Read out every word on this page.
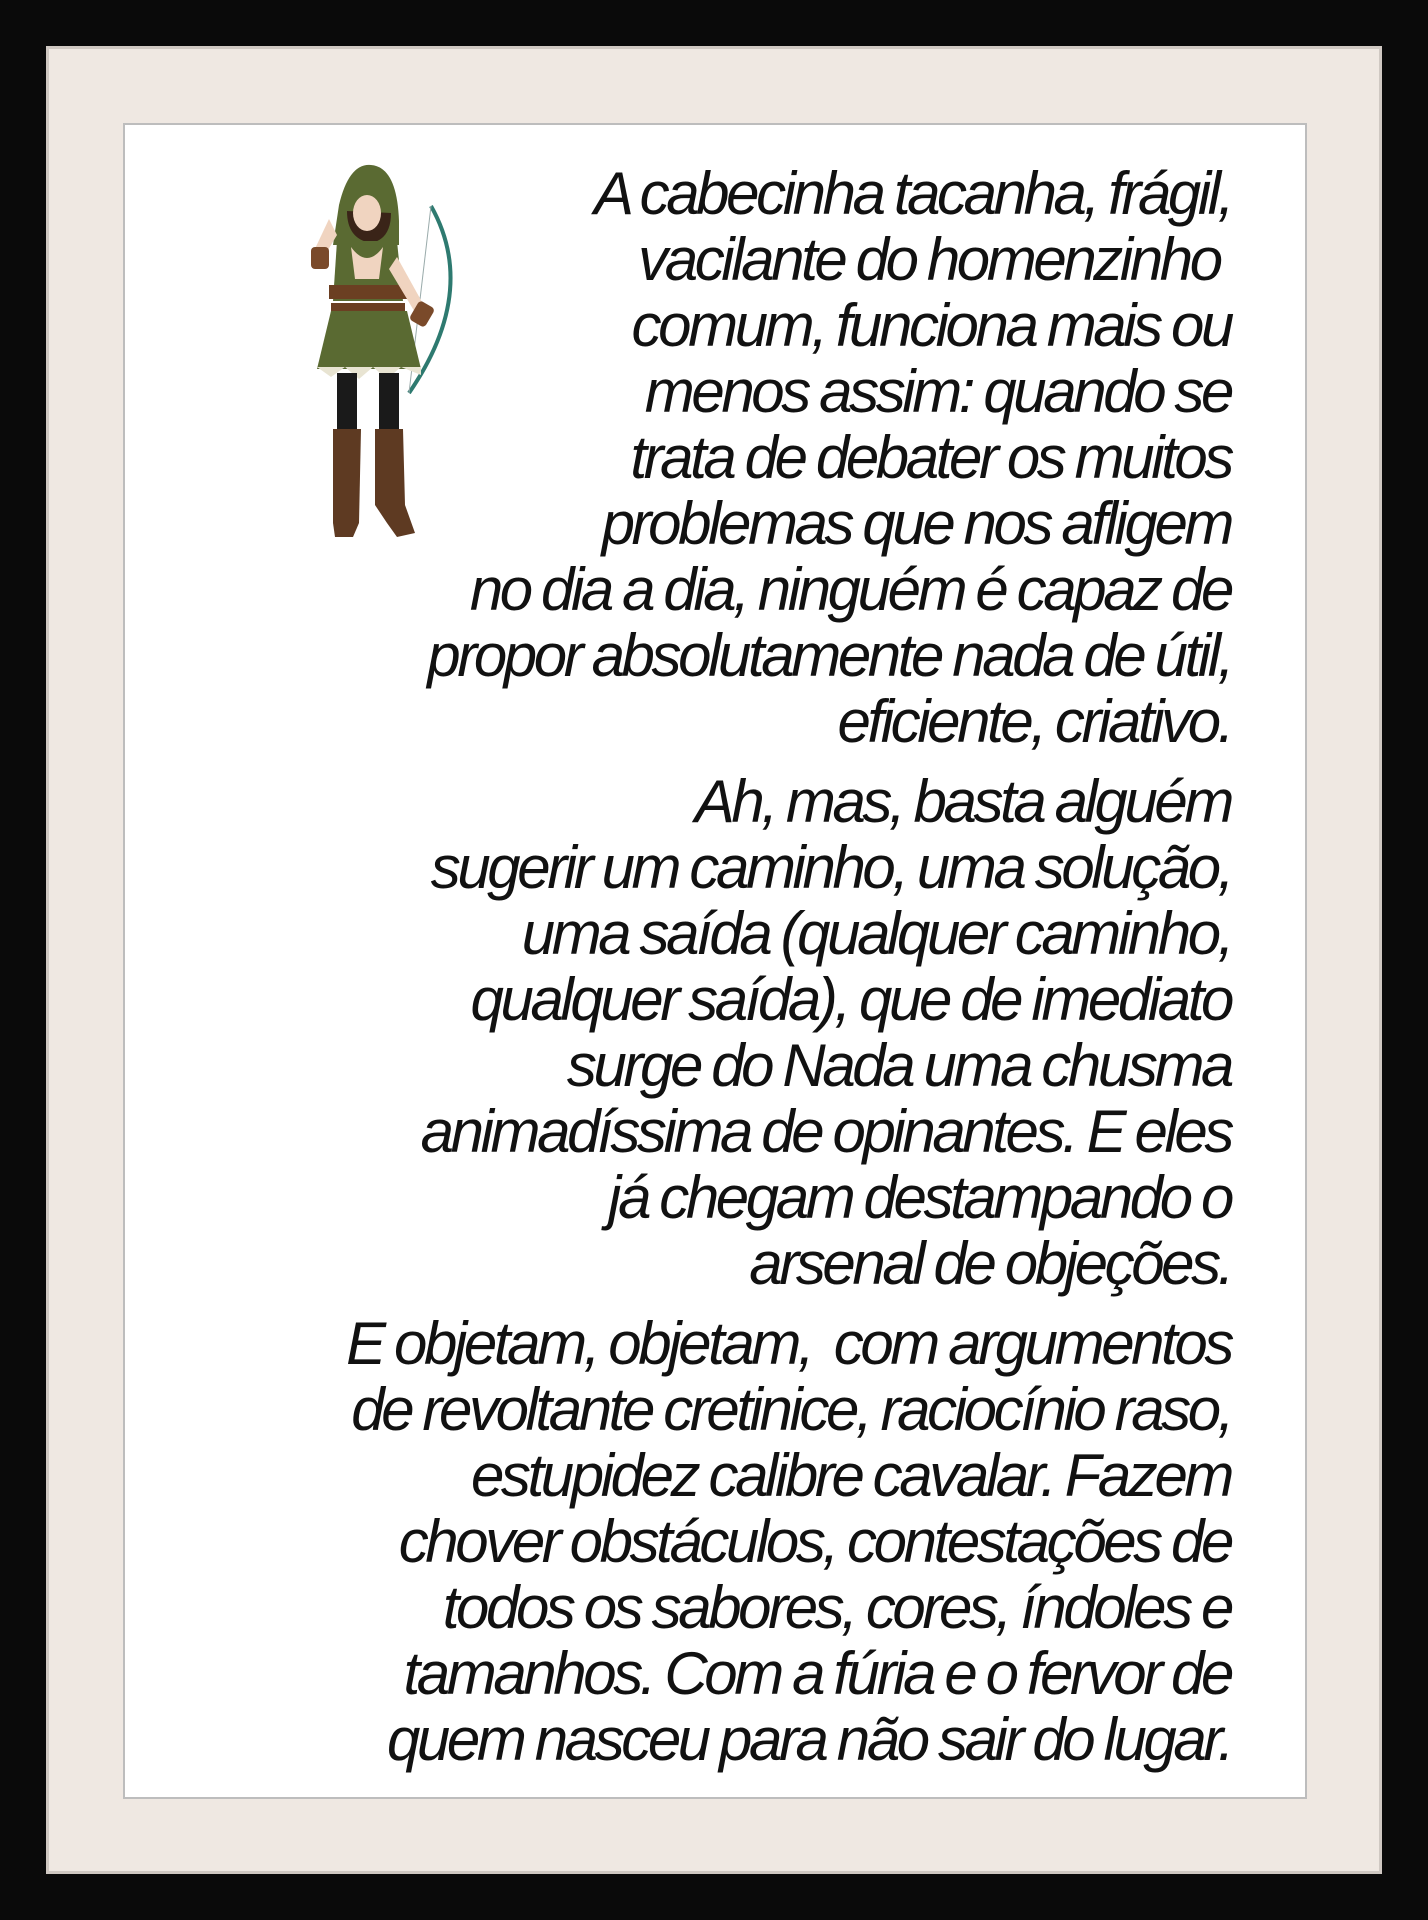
A cabecinha tacanha, frágil,
vacilante do homenzinho
comum, funciona mais ou
menos assim: quando se
trata de debater os muitos
problemas que nos afligem
no dia a dia, ninguém é capaz de
propor absolutamente nada de útil,
eficiente, criativo.

Ah, mas, basta alguém
sugerir um caminho, uma solução,
uma saída (qualquer caminho,
qualquer saída), que de imediato
surge do Nada uma chusma
animadíssima de opinantes. E eles
já chegam destampando o
arsenal de objeções.

E objetam, objetam,  com argumentos
de revoltante cretinice, raciocínio raso,
estupidez calibre cavalar. Fazem
chover obstáculos, contestações de
todos os sabores, cores, índoles e
tamanhos. Com a fúria e o fervor de
quem nasceu para não sair do lugar.
